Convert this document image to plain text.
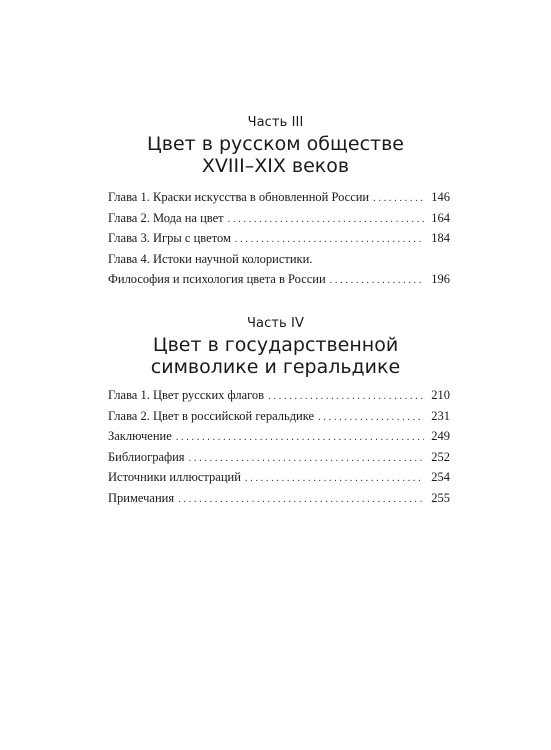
Часть III
Цвет в русском обществе
XVIII–XIX веков
Глава 1. Краски искусства в обновленной России . . .	146
Глава 2. Мода на цвет . . .	164
Глава 3. Игры с цветом . . .	184
Глава 4. Истоки научной колористики.
Философия и психология цвета в России . . .	196
Часть IV
Цвет в государственной
символике и геральдике
Глава 1. Цвет русских флагов . . .	210
Глава 2. Цвет в российской геральдике . . .	231
Заключение . . .	249
Библиография . . .	252
Источники иллюстраций . . .	254
Примечания . . .	255
